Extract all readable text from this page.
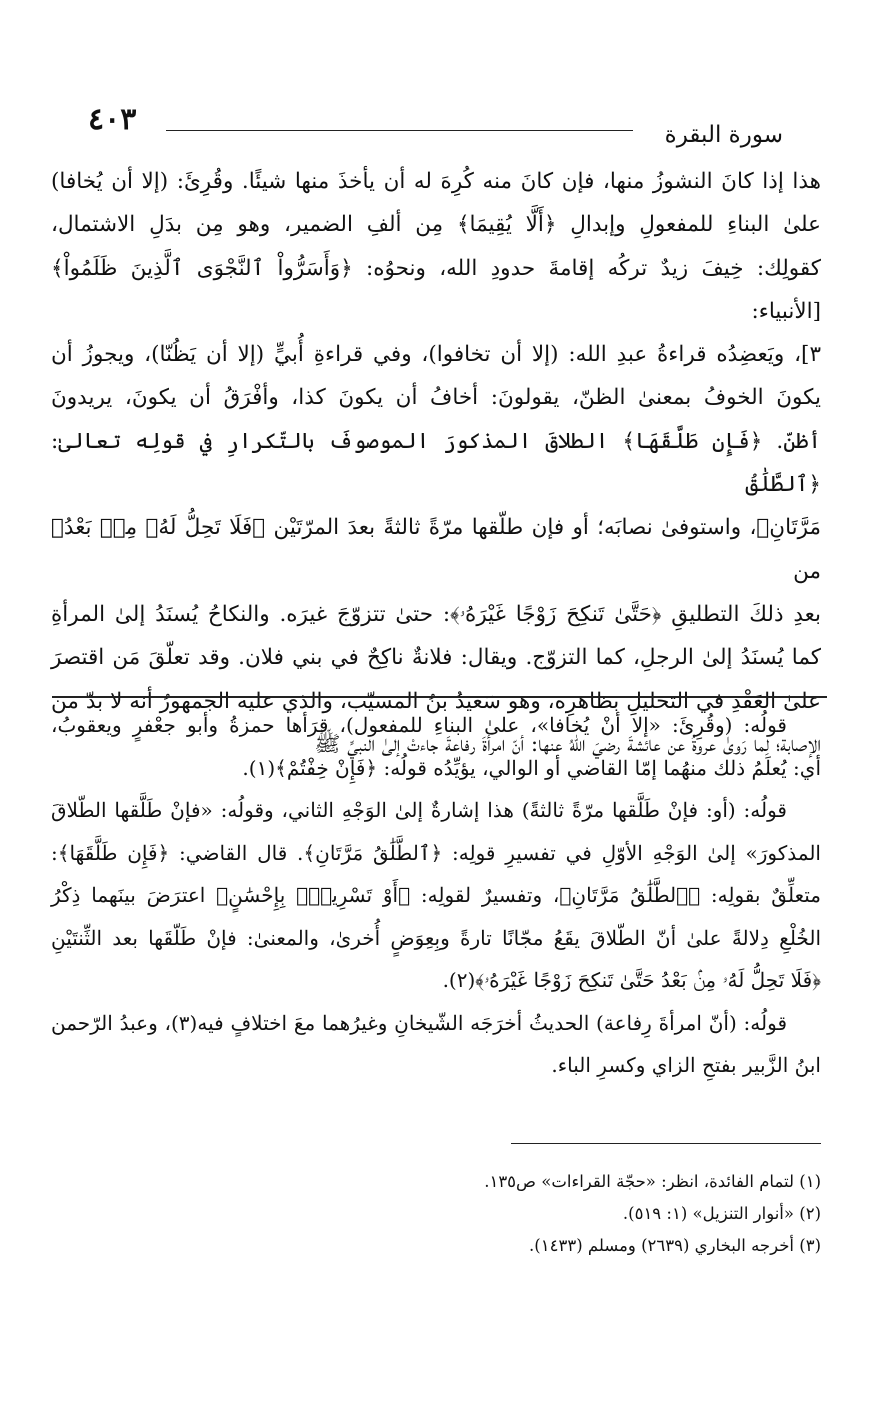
٤٠٣	سورة البقرة

هذا إذا كانَ النشوزُ منها، فإن كانَ منه كُرِهَ له أن يأخذَ منها شيئًا. وقُرِئَ: (إلا أن يُخافا)

علىٰ البناءِ للمفعولِ وإبدالِ ﴿أَلَّا يُقِيمَا﴾ مِن ألفِ الضمير، وهو مِن بدَلِ الاشتمال،

كقولِك: خِيفَ زيدٌ تركُه إقامةَ حدودِ الله، ونحوُه: ﴿وَأَسَرُّواْ ٱلنَّجْوَى ٱلَّذِينَ ظَلَمُواْ﴾ [الأنبياء:

٣]، ويَعضِدُه قراءةُ عبدِ الله: (إلا أن تخافوا)، وفي قراءةِ أُبيٍّ (إلا أن يَظُنّا)، ويجوزُ أن

يكونَ الخوفُ بمعنىٰ الظنّ، يقولونَ: أخافُ أن يكونَ كذا، وأفْرَقُ أن يكونَ، يريدونَ

أظنّ. ﴿فَإِن طَلَّقَهَا﴾ الطلاقَ المذكورَ الموصوفَ بالتّكرارِ في قولِه تعالىٰ: ﴿ٱلطَّلَٰقُ

مَرَّتَانِ﴾، واستوفىٰ نصابَه؛ أو فإن طلّقها مرّةً ثالثةً بعدَ المرّتَيْن ﴿فَلَا تَحِلُّ لَهُۥ مِنۢ بَعْدُ﴾ من

بعدِ ذلكَ التطليقِ ﴿حَتَّىٰ تَنكِحَ زَوْجًا غَيْرَهُۥ﴾: حتىٰ تتزوّجَ غيرَه. والنكاحُ يُسنَدُ إلىٰ المرأةِ

كما يُسنَدُ إلىٰ الرجلِ، كما التزوّج. ويقال: فلانةٌ ناكِحٌ في بني فلان. وقد تعلّقَ مَن اقتصرَ

علىٰ العَقْدِ في التحليلِ بظاهرِه، وهو سَعيدُ بنُ المسيّب، والذي عليه الجمهورُ أنه لا بدّ من

الإصابة؛ لِما رَوىٰ عروةُ عن عائشةَ رضيَ اللهُ عنها: أنّ امرأةَ رفاعةَ جاءتْ إلىٰ النبيِّ ﷺ

قولُه: (وقُرِئَ: «إلا أنْ يُخافا»، علىٰ البناءِ للمفعول)، قرَأها حمزةُ وأبو جعْفرٍ ويعقوبُ،

أي: يُعلَمُ ذلك منهُما إمّا القاضي أو الوالي، يؤيِّدُه قولُه: ﴿فَإِنْ خِفْتُمْ﴾(١).

قولُه: (أو: فإنْ طَلَّقها مرّةً ثالثةً) هذا إشارةٌ إلىٰ الوَجْهِ الثاني، وقولُه: «فإنْ طَلَّقها الطّلاقَ

المذكورَ» إلىٰ الوَجْهِ الأوّلِ في تفسيرِ قولِه: ﴿ٱلطَّلَٰقُ مَرَّتَانِ﴾. قال القاضي: ﴿فَإِن طَلَّقَهَا﴾:

متعلِّقٌ بقولِه: ﴿ٱلطَّلَٰقُ مَرَّتَانِ﴾، وتفسيرٌ لقولِه: ﴿أَوْ تَسْرِيحٌۢ بِإِحْسَٰنٍ﴾ اعترَضَ بينَهما ذِكْرُ

الخُلْعِ دِلالةً علىٰ أنّ الطّلاقَ يقَعُ مجّانًا تارةً وبِعِوَضٍ أُخرىٰ، والمعنىٰ: فإنْ طَلّقَها بعد الثِّنتَيْنِ

﴿فَلَا تَحِلُّ لَهُۥ مِنۢ بَعْدُ حَتَّىٰ تَنكِحَ زَوْجًا غَيْرَهُۥ﴾(٢).

قولُه: (أنّ امرأةَ رِفاعة) الحديثُ أخرَجَه الشّيخانِ وغيرُهما معَ اختلافٍ فيه(٣)، وعبدُ الرّحمن

ابنُ الزَّبير بفتحِ الزاي وكسرِ الباء.

(١) لتمام الفائدة، انظر: «حجّة القراءات» ص١٣٥.

(٢) «أنوار التنزيل» (١: ٥١٩).

(٣) أخرجه البخاري (٢٦٣٩) ومسلم (١٤٣٣).
